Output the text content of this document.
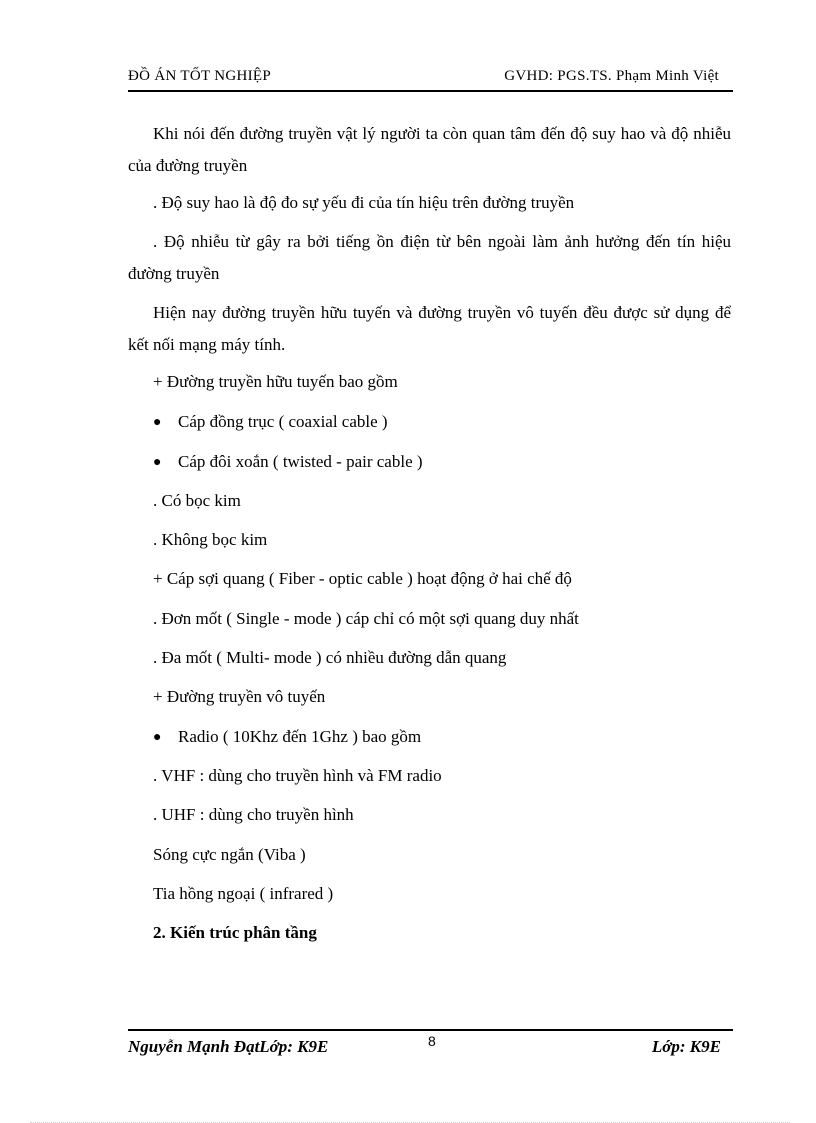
ĐỒ ÁN TỐT NGHIỆP	GVHD: PGS.TS. Phạm Minh Việt
Khi nói đến đường truyền vật lý người ta còn quan tâm đến độ suy hao và độ nhiễu của đường truyền
. Độ suy hao là độ đo sự yếu đi của tín hiệu trên đường truyền
. Độ nhiễu từ gây ra bởi tiếng ồn điện từ bên ngoài làm ảnh hưởng đến tín hiệu đường truyền
Hiện nay đường truyền hữu tuyến và đường truyền vô tuyến đều được sử dụng để kết nối mạng máy tính.
+ Đường truyền hữu tuyến bao gồm
● Cáp đồng trục ( coaxial cable )
● Cáp đôi xoắn ( twisted - pair cable )
. Có bọc kim
. Không bọc kim
+ Cáp sợi quang ( Fiber - optic cable ) hoạt động ở hai chế độ
. Đơn mốt ( Single - mode ) cáp chỉ có một sợi quang duy nhất
. Đa mốt ( Multi- mode ) có nhiều đường dẫn quang
+ Đường truyền vô tuyến
● Radio ( 10Khz đến 1Ghz ) bao gồm
. VHF : dùng cho truyền hình và FM radio
. UHF : dùng cho truyền hình
Sóng cực ngắn (Viba )
Tia hồng ngoại ( infrared )
2. Kiến trúc phân tầng
Nguyễn Mạnh ĐạtLớp: K9E	8	Lớp: K9E
